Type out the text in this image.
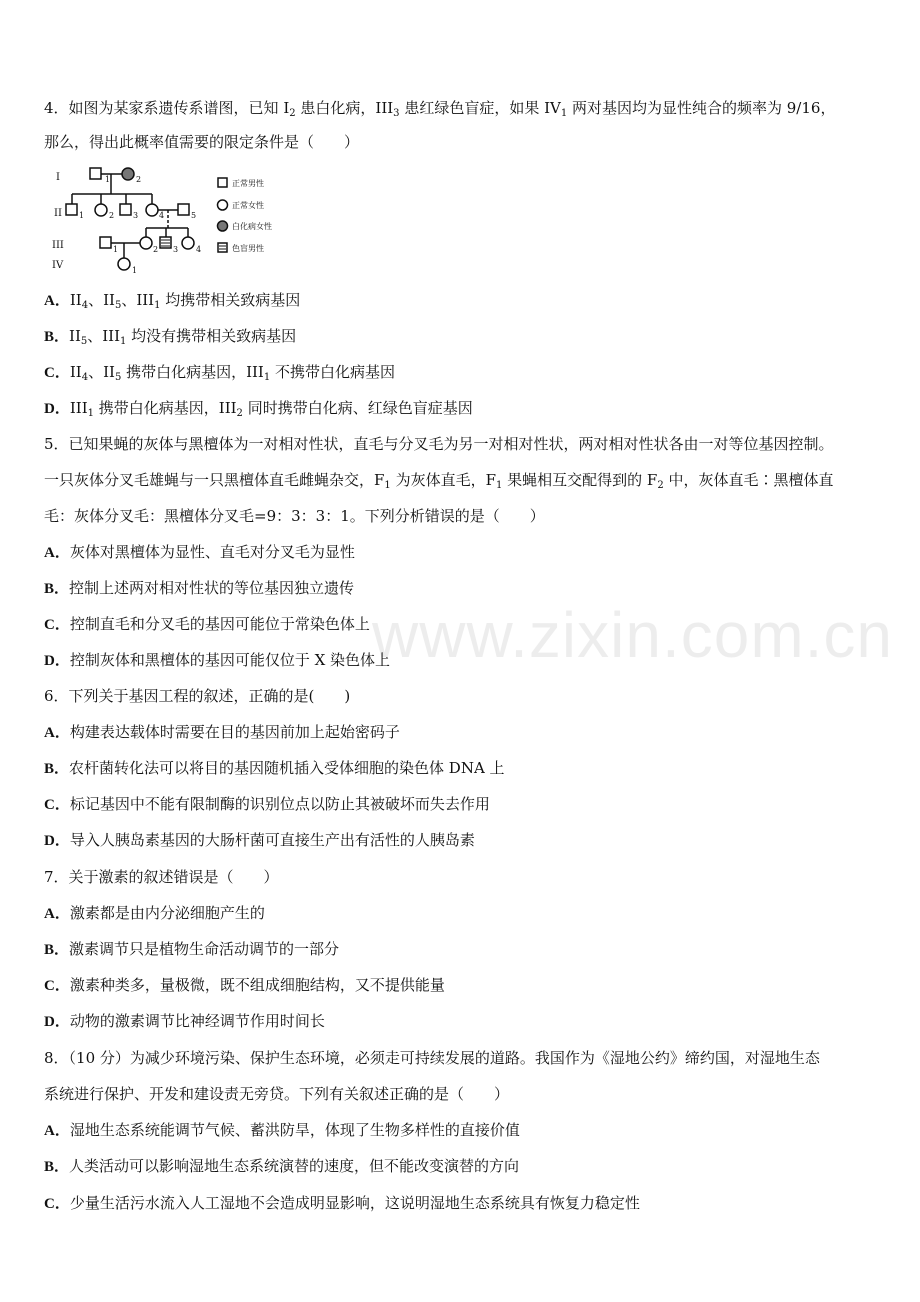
www.zixin.com.cn
4．如图为某家系遗传系谱图，已知 $I_2$ 患白化病，$III_3$ 患红绿色盲症，如果 $IV_1$ 两对基因均为显性纯合的频率为 9/16，
那么，得出此概率值需要的限定条件是（　　）
I
II
III
IV
1	2
1	2 3	4	5
1	2 3 4
1
正常男性
正常女性
白化病女性
色盲男性
A．$II_4$、$II_5$、$III_1$ 均携带相关致病基因
B．$II_5$、$III_1$ 均没有携带相关致病基因
C．$II_4$、$II_5$ 携带白化病基因，$III_1$ 不携带白化病基因
D．$III_1$ 携带白化病基因，$III_2$ 同时携带白化病、红绿色盲症基因
5．已知果蝇的灰体与黑檀体为一对相对性状，直毛与分叉毛为另一对相对性状，两对相对性状各由一对等位基因控制。
一只灰体分叉毛雄蝇与一只黑檀体直毛雌蝇杂交，$F_1$ 为灰体直毛，$F_1$ 果蝇相互交配得到的 $F_2$ 中，灰体直毛∶黑檀体直
毛：灰体分叉毛：黑檀体分叉毛=9：3：3：1。下列分析错误的是（　　）
A．灰体对黑檀体为显性、直毛对分叉毛为显性
B．控制上述两对相对性状的等位基因独立遗传
C．控制直毛和分叉毛的基因可能位于常染色体上
D．控制灰体和黑檀体的基因可能仅位于 X 染色体上
6．下列关于基因工程的叙述，正确的是(　　)
A．构建表达载体时需要在目的基因前加上起始密码子
B．农杆菌转化法可以将目的基因随机插入受体细胞的染色体 DNA 上
C．标记基因中不能有限制酶的识别位点以防止其被破坏而失去作用
D．导入人胰岛素基因的大肠杆菌可直接生产出有活性的人胰岛素
7．关于激素的叙述错误是（　　）
A．激素都是由内分泌细胞产生的
B．激素调节只是植物生命活动调节的一部分
C．激素种类多，量极微，既不组成细胞结构，又不提供能量
D．动物的激素调节比神经调节作用时间长
8．（10 分）为减少环境污染、保护生态环境，必须走可持续发展的道路。我国作为《湿地公约》缔约国，对湿地生态
系统进行保护、开发和建设责无旁贷。下列有关叙述正确的是（　　）
A．湿地生态系统能调节气候、蓄洪防旱，体现了生物多样性的直接价值
B．人类活动可以影响湿地生态系统演替的速度，但不能改变演替的方向
C．少量生活污水流入人工湿地不会造成明显影响，这说明湿地生态系统具有恢复力稳定性
